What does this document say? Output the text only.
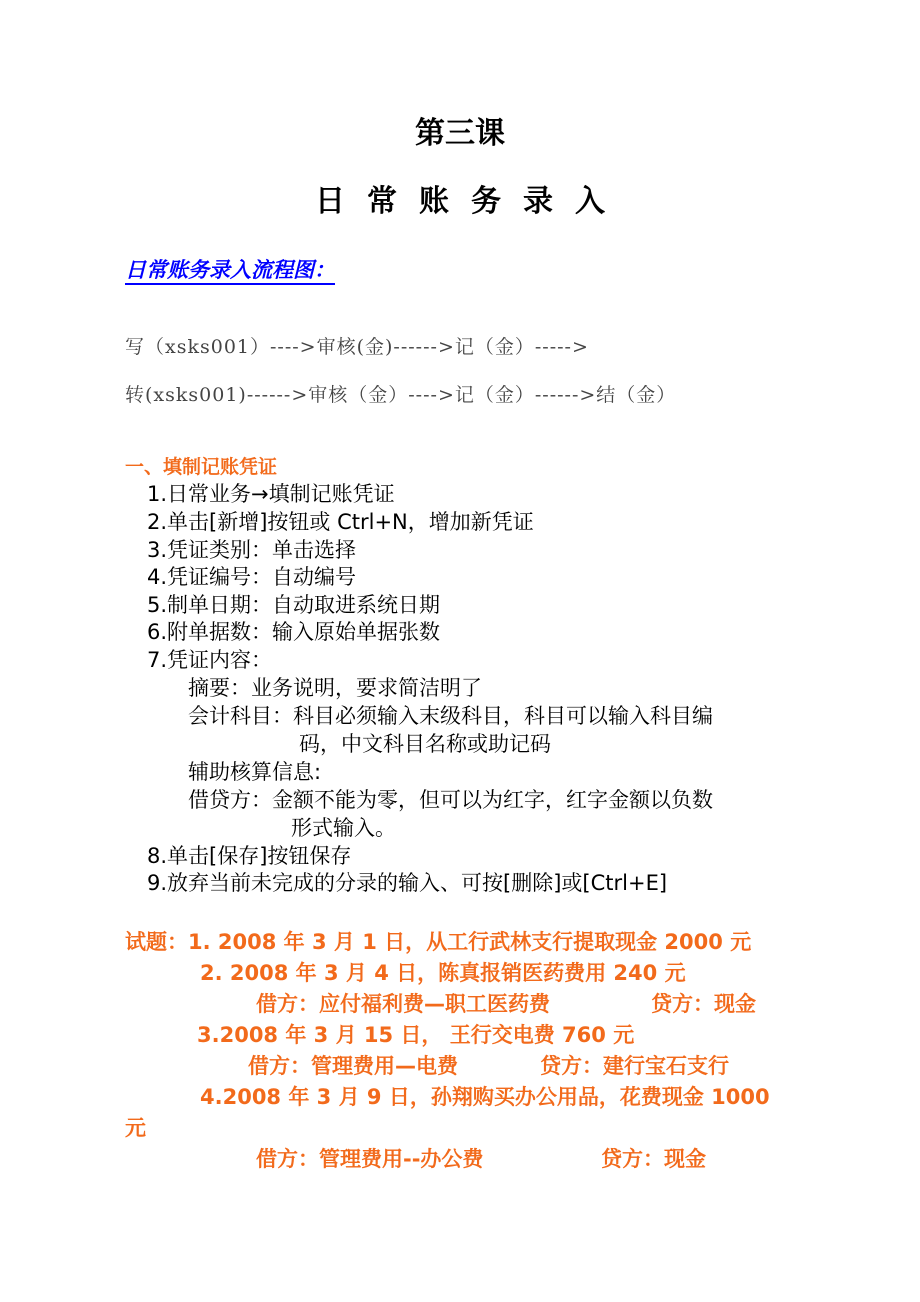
第三课
日常账务录入
日常账务录入流程图：
写（xsks001）---->审核(金)------>记（金）----->
转(xsks001)------>审核（金）---->记（金）------>结（金）
一、填制记账凭证
1.日常业务→填制记账凭证
2.单击[新增]按钮或 Ctrl+N，增加新凭证
3.凭证类别：单击选择
4.凭证编号：自动编号
5.制单日期：自动取进系统日期
6.附单据数：输入原始单据张数
7.凭证内容：
摘要：业务说明，要求简洁明了
会计科目：科目必须输入末级科目，科目可以输入科目编
码，中文科目名称或助记码
辅助核算信息:
借贷方：金额不能为零，但可以为红字，红字金额以负数
形式输入。
8.单击[保存]按钮保存
9.放弃当前未完成的分录的输入、可按[删除]或[Ctrl+E]
试题：1. 2008 年 3 月 1 日，从工行武林支行提取现金 2000 元
2. 2008 年 3 月 4 日，陈真报销医药费用 240 元
借方：应付福利费—职工医药费	贷方：现金
3.2008 年 3 月 15 日， 王行交电费 760 元
借方：管理费用—电费	贷方：建行宝石支行
4.2008 年 3 月 9 日，孙翔购买办公用品，花费现金 1000
元
借方：管理费用--办公费	贷方：现金
